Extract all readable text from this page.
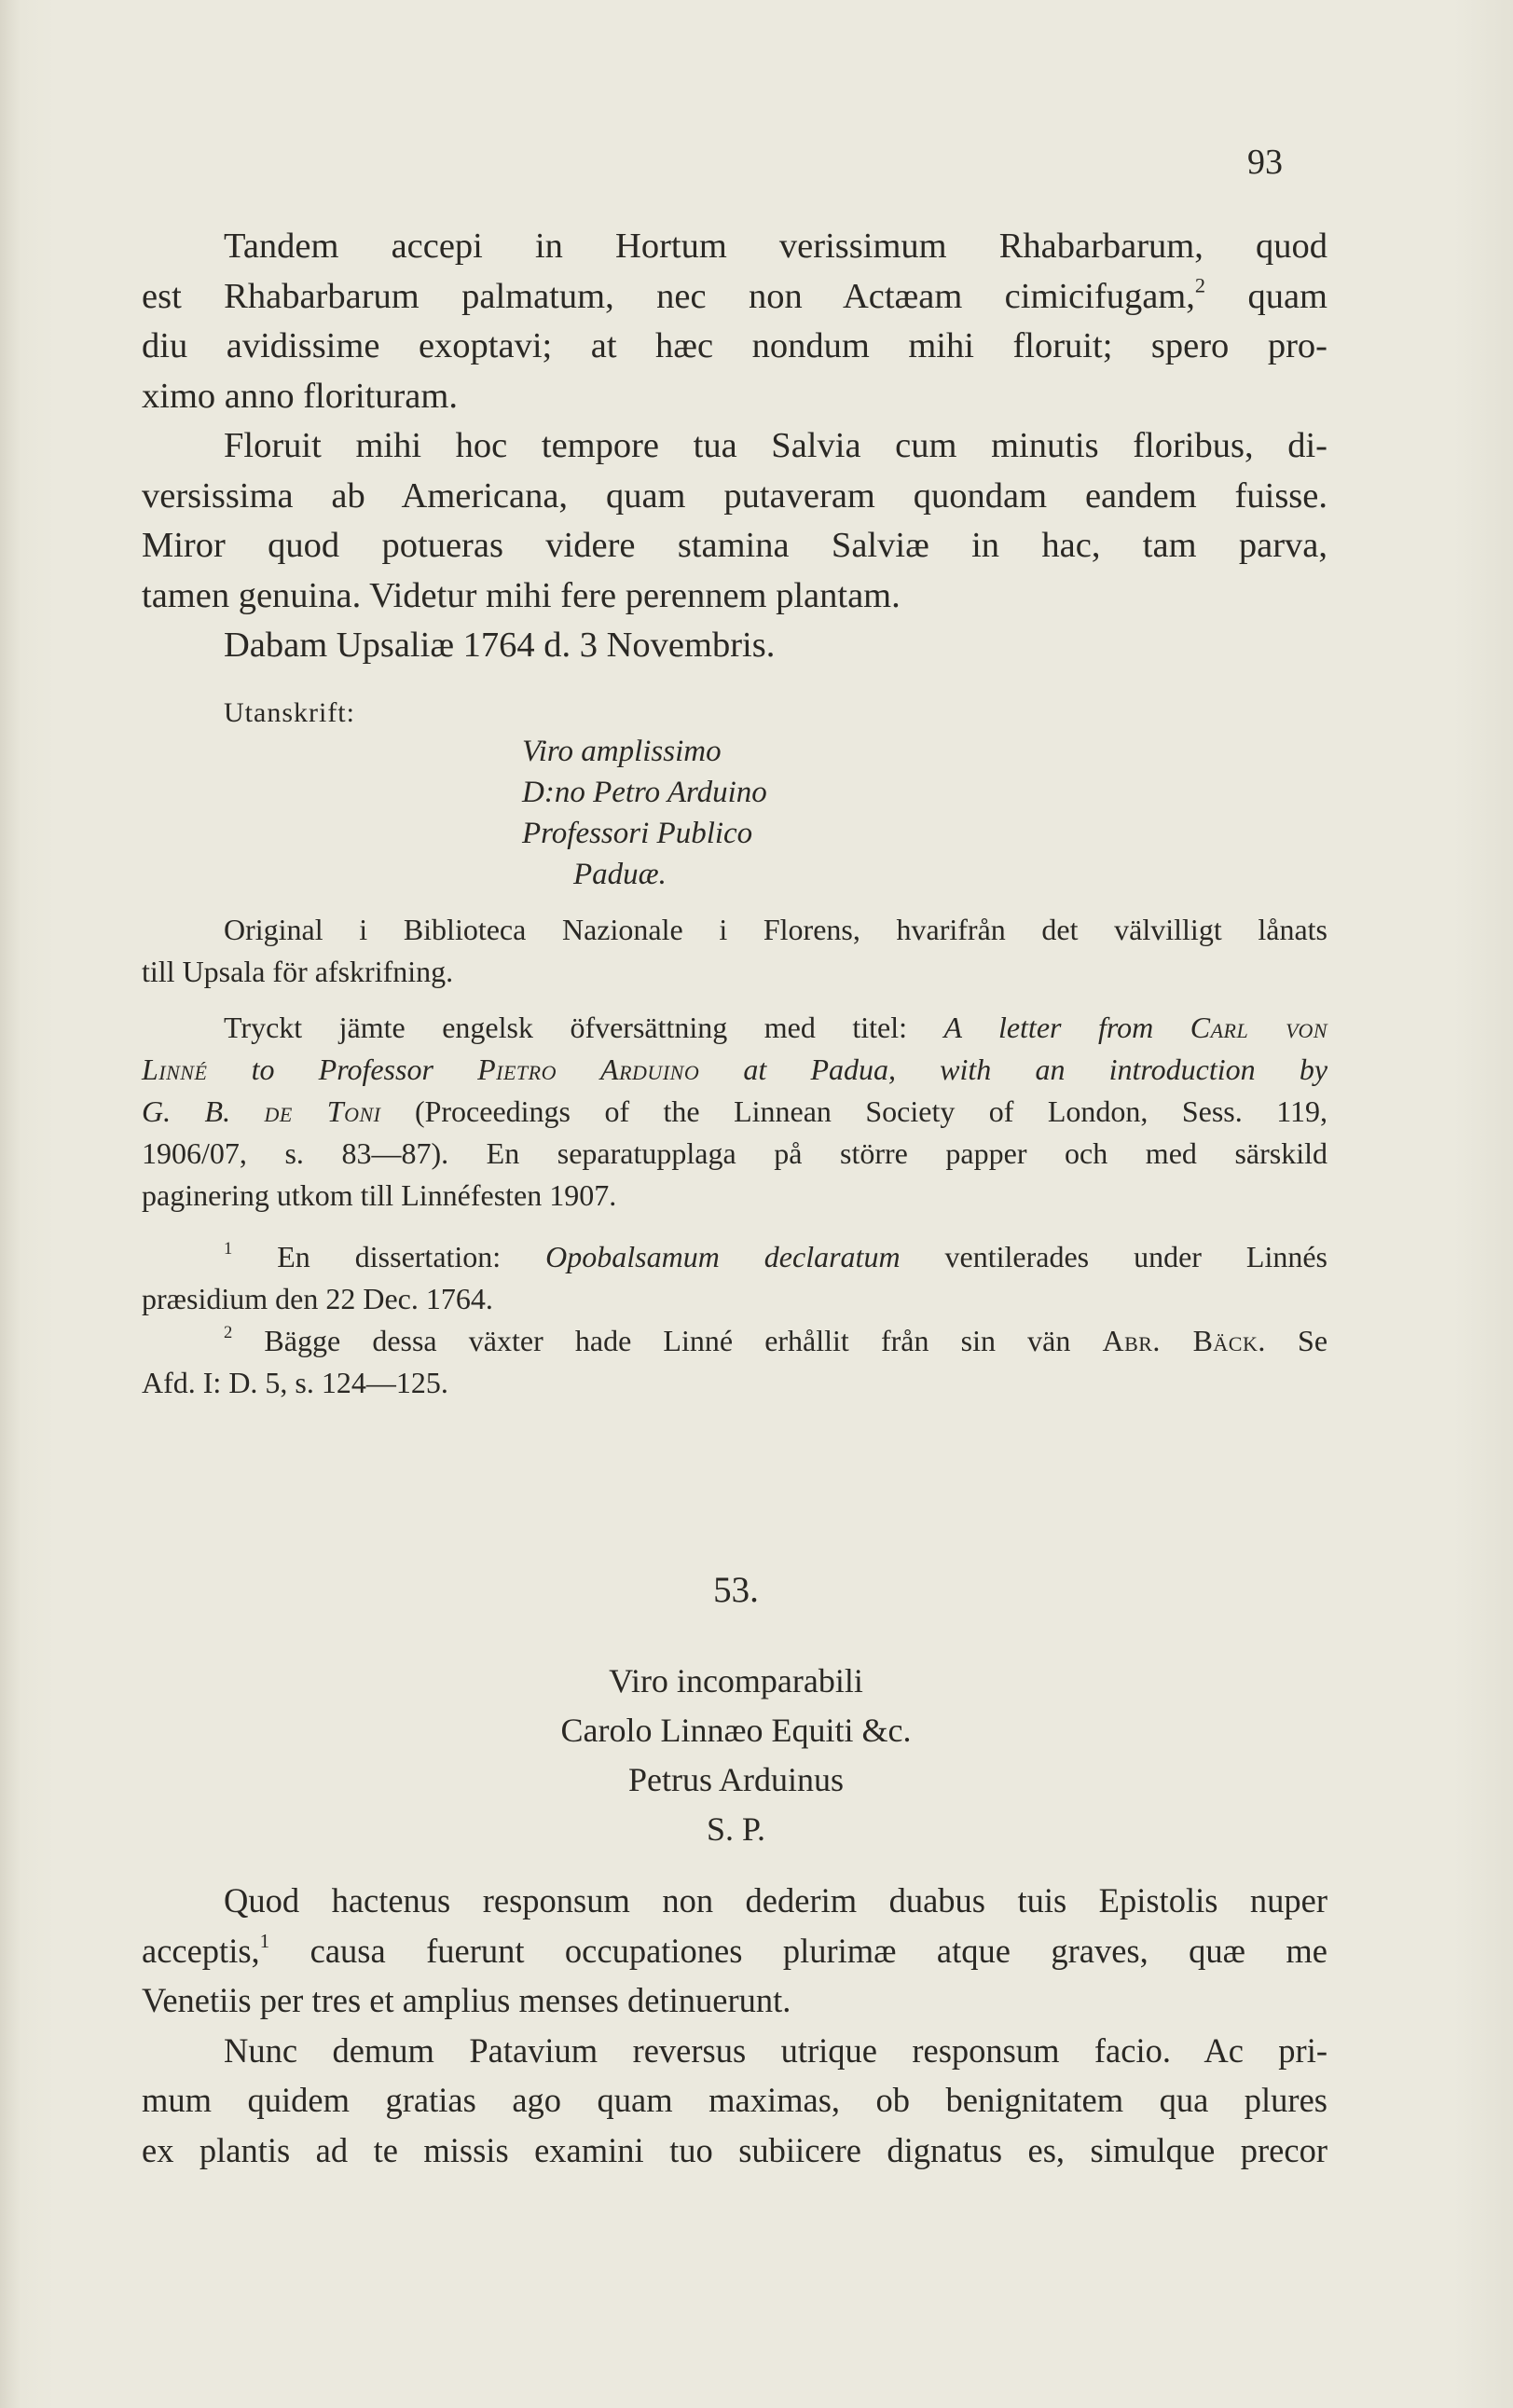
93
Tandem accepi in Hortum verissimum Rhabarbarum, quod
est Rhabarbarum palmatum, nec non Actæam cimicifugam,$^2$ quam
diu avidissime exoptavi; at hæc nondum mihi floruit; spero pro-
ximo anno florituram.
Floruit mihi hoc tempore tua Salvia cum minutis floribus, di-
versissima ab Americana, quam putaveram quondam eandem fuisse.
Miror quod potueras videre stamina Salviæ in hac, tam parva,
tamen genuina. Videtur mihi fere perennem plantam.
Dabam Upsaliæ 1764 d. 3 Novembris.
Utanskrift:
Viro amplissimo
D:no Petro Arduino
Professori Publico
Paduæ.
Original i Biblioteca Nazionale i Florens, hvarifrån det välvilligt lånats
till Upsala för afskrifning.
Tryckt jämte engelsk öfversättning med titel: A letter from Carl von
Linné to Professor Pietro Arduino at Padua, with an introduction by
G. B. de Toni (Proceedings of the Linnean Society of London, Sess. 119,
1906/07, s. 83—87). En separatupplaga på större papper och med särskild
paginering utkom till Linnéfesten 1907.
$^1$ En dissertation: Opobalsamum declaratum ventilerades under Linnés
præsidium den 22 Dec. 1764.
$^2$ Bägge dessa växter hade Linné erhållit från sin vän Abr. Bäck. Se
Afd. I: D. 5, s. 124—125.
53.
Viro incomparabili
Carolo Linnæo Equiti &c.
Petrus Arduinus
S. P.
Quod hactenus responsum non dederim duabus tuis Epistolis nuper
acceptis,$^1$ causa fuerunt occupationes plurimæ atque graves, quæ me
Venetiis per tres et amplius menses detinuerunt.
Nunc demum Patavium reversus utrique responsum facio. Ac pri-
mum quidem gratias ago quam maximas, ob benignitatem qua plures
ex plantis ad te missis examini tuo subiicere dignatus es, simulque precor
